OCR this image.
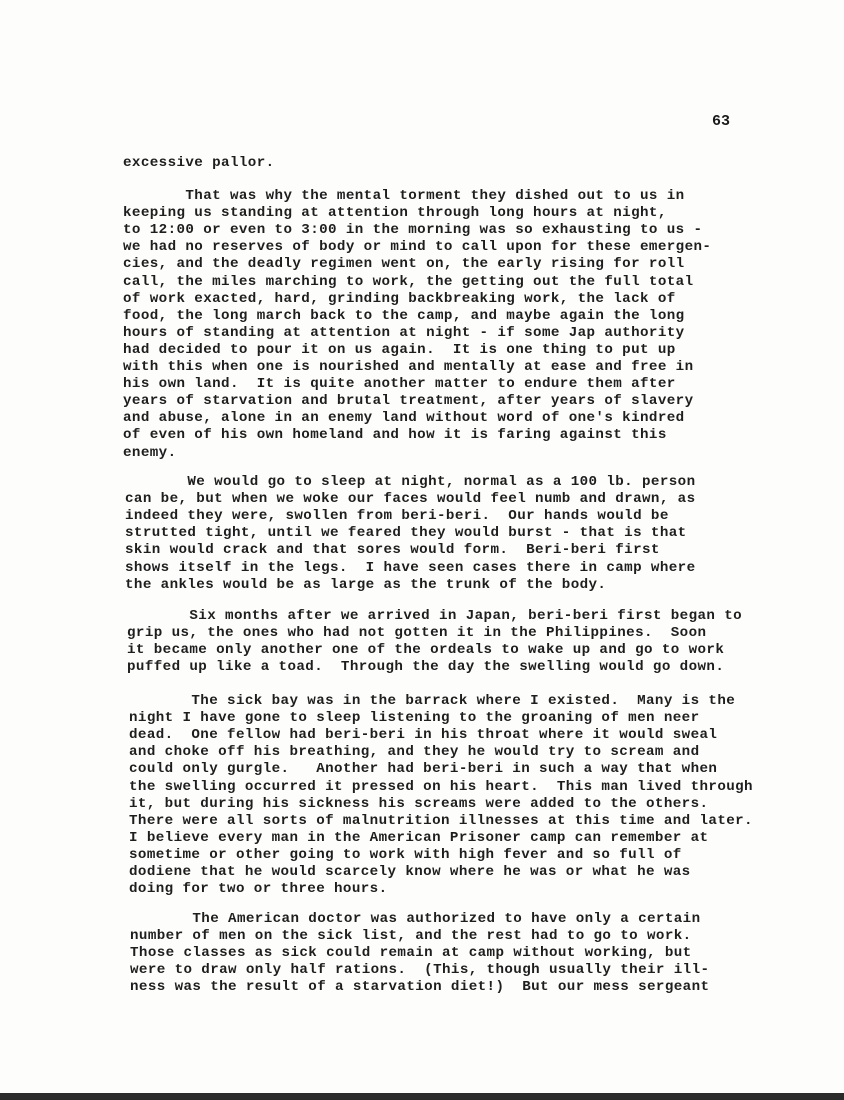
63
excessive pallor.
That was why the mental torment they dished out to us in
keeping us standing at attention through long hours at night,
to 12:00 or even to 3:00 in the morning was so exhausting to us -
we had no reserves of body or mind to call upon for these emergen-
cies, and the deadly regimen went on, the early rising for roll
call, the miles marching to work, the getting out the full total
of work exacted, hard, grinding backbreaking work, the lack of
food, the long march back to the camp, and maybe again the long
hours of standing at attention at night - if some Jap authority
had decided to pour it on us again.  It is one thing to put up
with this when one is nourished and mentally at ease and free in
his own land.  It is quite another matter to endure them after
years of starvation and brutal treatment, after years of slavery
and abuse, alone in an enemy land without word of one's kindred
of even of his own homeland and how it is faring against this
enemy.
We would go to sleep at night, normal as a 100 lb. person
can be, but when we woke our faces would feel numb and drawn, as
indeed they were, swollen from beri-beri.  Our hands would be
strutted tight, until we feared they would burst - that is that
skin would crack and that sores would form.  Beri-beri first
shows itself in the legs.  I have seen cases there in camp where
the ankles would be as large as the trunk of the body.
Six months after we arrived in Japan, beri-beri first began to
grip us, the ones who had not gotten it in the Philippines.  Soon
it became only another one of the ordeals to wake up and go to work
puffed up like a toad.  Through the day the swelling would go down.
The sick bay was in the barrack where I existed.  Many is the
night I have gone to sleep listening to the groaning of men neer
dead.  One fellow had beri-beri in his throat where it would sweal
and choke off his breathing, and they he would try to scream and
could only gurgle.   Another had beri-beri in such a way that when
the swelling occurred it pressed on his heart.  This man lived through
it, but during his sickness his screams were added to the others.
There were all sorts of malnutrition illnesses at this time and later.
I believe every man in the American Prisoner camp can remember at
sometime or other going to work with high fever and so full of
dodiene that he would scarcely know where he was or what he was
doing for two or three hours.
The American doctor was authorized to have only a certain
number of men on the sick list, and the rest had to go to work.
Those classes as sick could remain at camp without working, but
were to draw only half rations.  (This, though usually their ill-
ness was the result of a starvation diet!)  But our mess sergeant
